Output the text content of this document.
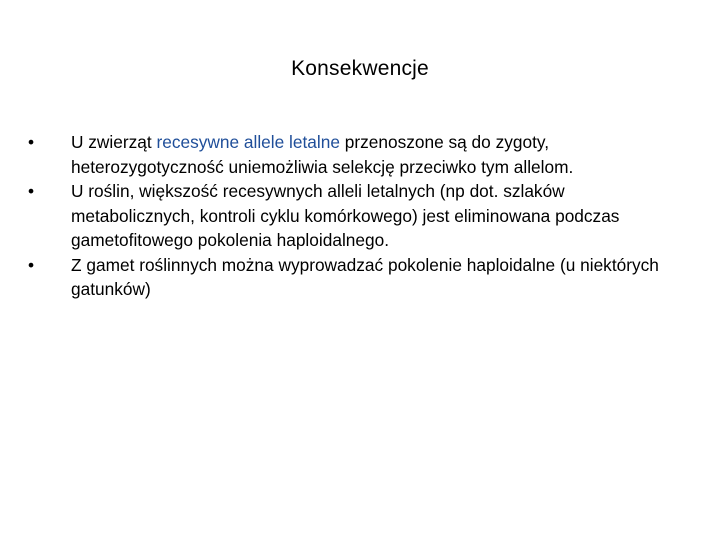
Konsekwencje
•	U zwierząt recesywne allele letalne przenoszone są do zygoty, heterozygotyczność uniemożliwia selekcję przeciwko tym allelom.
•	U roślin, większość recesywnych alleli letalnych (np dot. szlaków metabolicznych, kontroli cyklu komórkowego) jest eliminowana podczas gametofitowego pokolenia haploidalnego.
•	Z gamet roślinnych można wyprowadzać pokolenie haploidalne (u niektórych gatunków)
